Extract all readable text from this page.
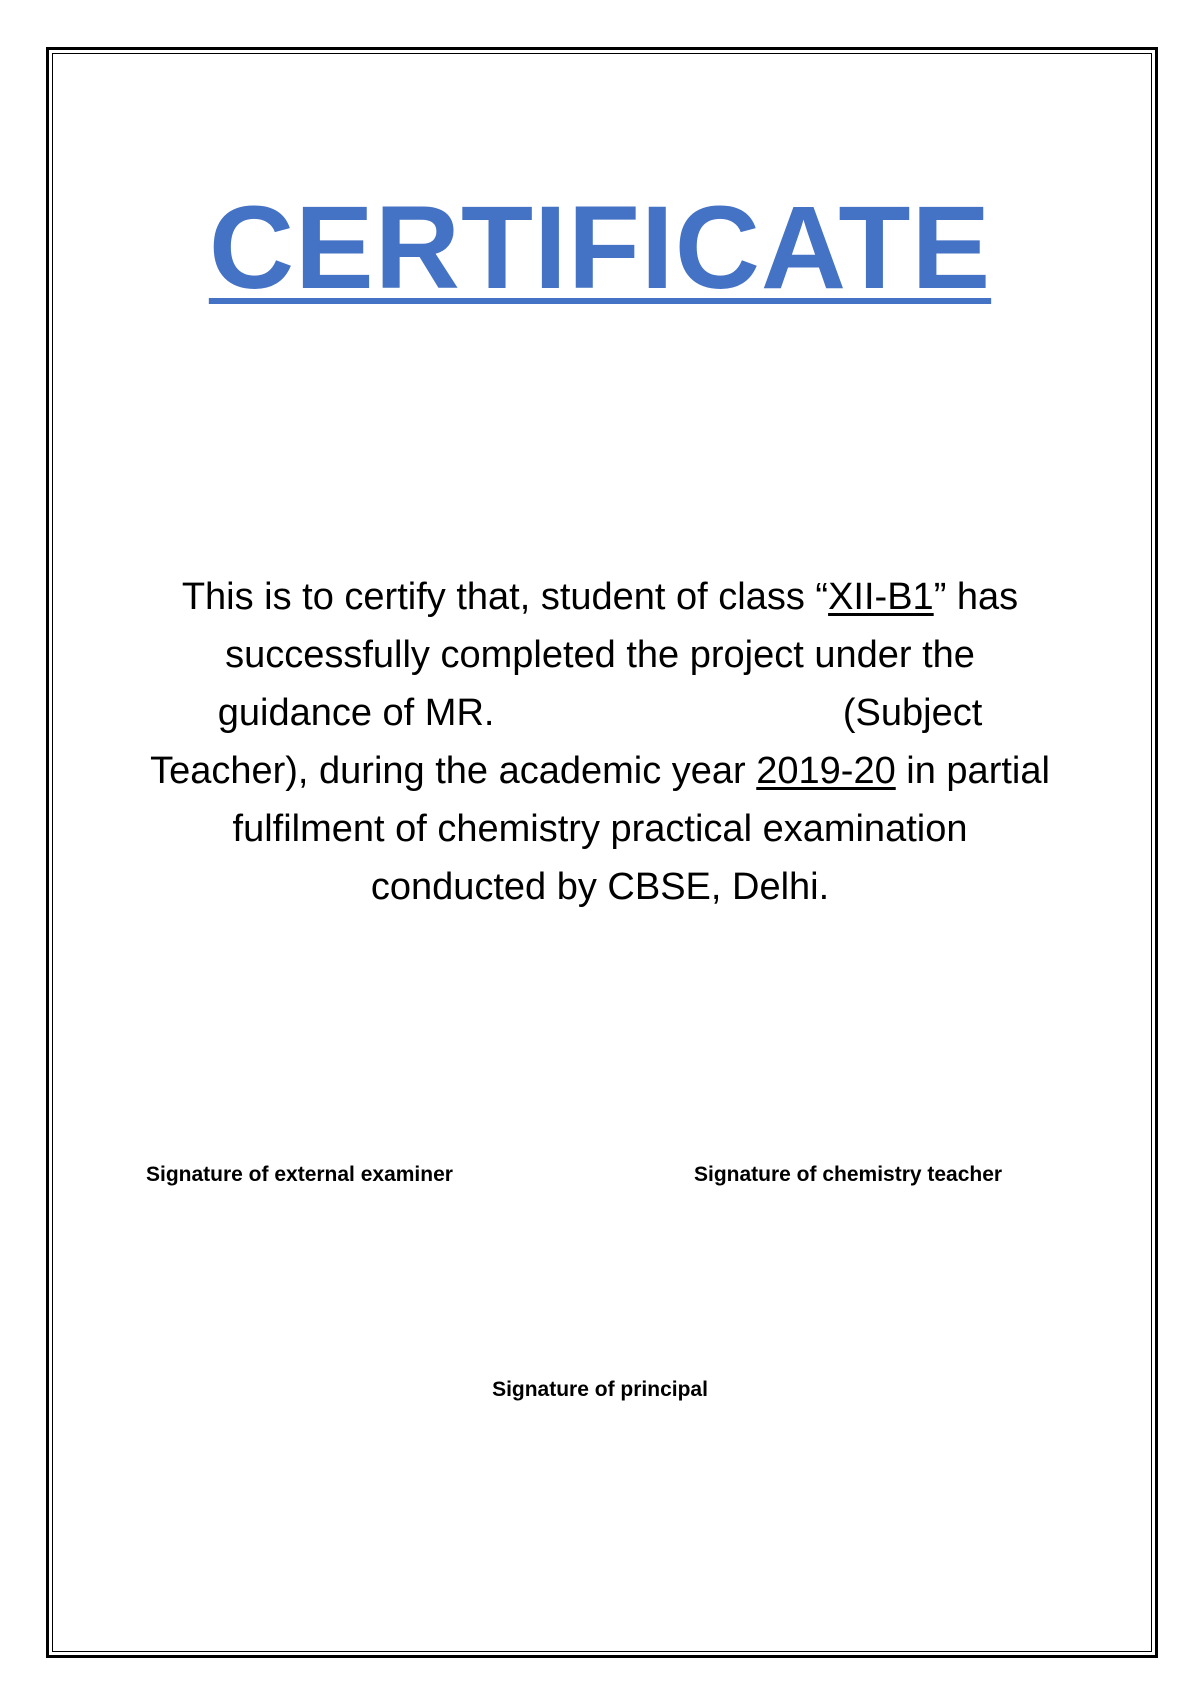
CERTIFICATE
This is to certify that, student of class “XII-B1” has successfully completed the project under the guidance of MR.	(Subject Teacher), during the academic year 2019-20 in partial fulfilment of chemistry practical examination conducted by CBSE, Delhi.
Signature of external examiner	Signature of chemistry teacher
Signature of principal
